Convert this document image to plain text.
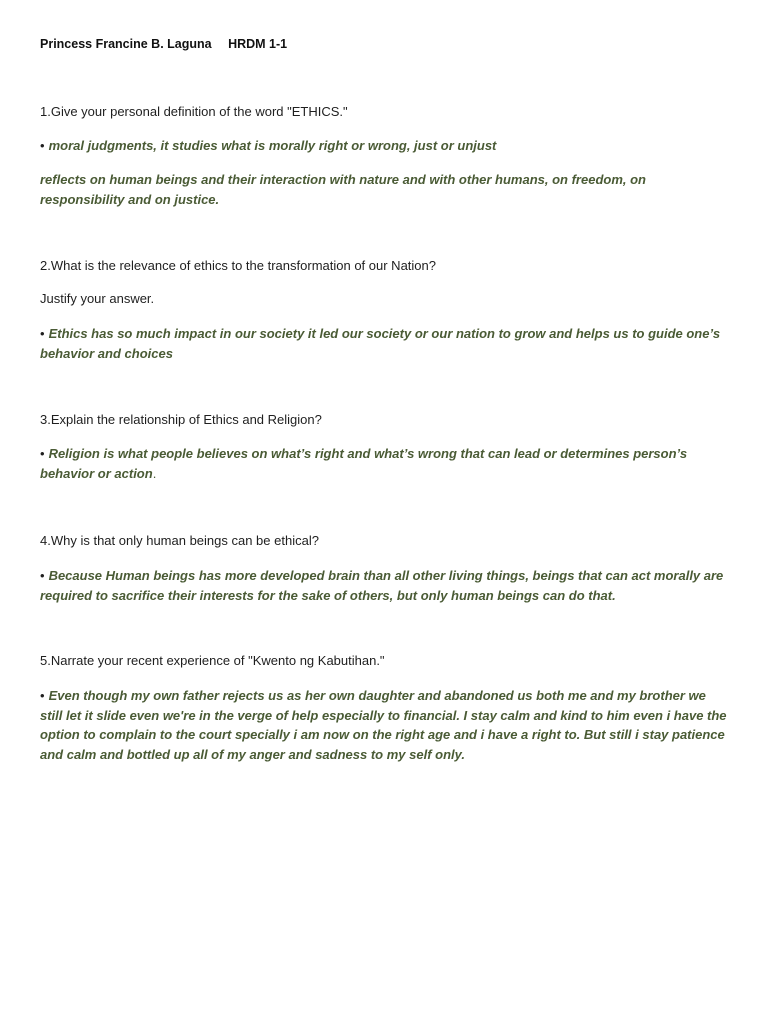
Princess Francine B. Laguna HRDM 1-1
1.Give your personal definition of the word "ETHICS."
• moral judgments, it studies what is morally right or wrong, just or unjust
reflects on human beings and their interaction with nature and with other humans, on freedom, on responsibility and on justice.
2.What is the relevance of ethics to the transformation of our Nation?
Justify your answer.
• Ethics has so much impact in our society it led our society or our nation to grow and helps us to guide one’s behavior and choices
3.Explain the relationship of Ethics and Religion?
• Religion is what people believes on what’s right and what’s wrong that can lead or determines person’s behavior or action.
4.Why is that only human beings can be ethical?
• Because Human beings has more developed brain than all other living things, beings that can act morally are required to sacrifice their interests for the sake of others, but only human beings can do that.
5.Narrate your recent experience of "Kwento ng Kabutihan."
• Even though my own father rejects us as her own daughter and abandoned us both me and my brother we still let it slide even we're in the verge of help especially to financial. I stay calm and kind to him even i have the option to complain to the court specially i am now on the right age and i have a right to. But still i stay patience and calm and bottled up all of my anger and sadness to my self only.
